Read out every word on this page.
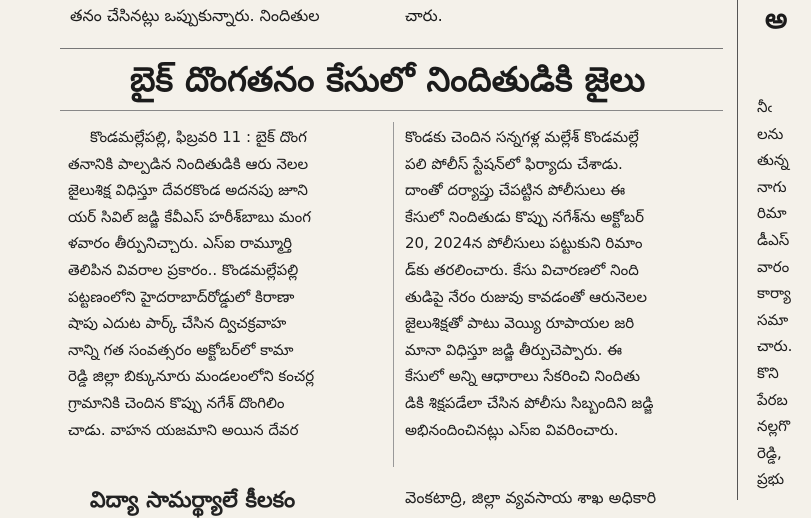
తనం చేసినట్లు ఒప్పుకున్నారు. నిందితుల	చారు.
బైక్ దొంగతనం కేసులో నిందితుడికి జైలు
కొండమల్లేపల్లి, ఫిబ్రవరి 11 : బైక్ దొంగ
తనానికి పాల్పడిన నిందితుడికి ఆరు నెలల
జైలుశిక్ష విధిస్తూ దేవరకొండ అదనపు జూని
యర్ సివిల్ జడ్జి కేవీఎస్ హరీశ్‌బాబు మంగ
ళవారం తీర్పునిచ్చారు. ఎస్‌ఐ రామ్మూర్తి
తెలిపిన వివరాల ప్రకారం.. కొండమల్లేపల్లి
పట్టణంలోని హైదరాబాద్‌రోడ్డులో కిరాణా
షాపు ఎదుట పార్క్ చేసిన ద్విచక్రవాహ
నాన్ని గత సంవత్సరం అక్టోబర్‌లో కామా
రెడ్డి జిల్లా బిక్కునూరు మండలంలోని కంచర్ల
గ్రామానికి చెందిన కొప్పు నగేశ్ దొంగిలిం
చాడు. వాహన యజమాని అయిన దేవర
కొండకు చెందిన సన్నగళ్ల మల్లేశ్ కొండమల్లే
పలి పోలీస్ స్టేషన్‌లో ఫిర్యాదు చేశాడు.
దాంతో దర్యాప్తు చేపట్టిన పోలీసులు ఈ
కేసులో నిందితుడు కొప్పు నగేశ్‌ను అక్టోబర్
20, 2024న పోలీసులు పట్టుకుని రిమాం
డ్‌కు తరలించారు. కేసు విచారణలో నింది
తుడిపై నేరం రుజువు కావడంతో ఆరునెలల
జైలుశిక్షతో పాటు వెయ్యి రూపాయల జరి
మానా విధిస్తూ జడ్జి తీర్పుచెప్పారు. ఈ
కేసులో అన్ని ఆధారాలు సేకరించి నిందితు
డికి శిక్షపడేలా చేసిన పోలీసు సిబ్బందిని జడ్జి
అభినందించినట్లు ఎస్‌ఐ వివరించారు.
అ
నీఁ
లను
తున్న
నాగు
రిమా
డీఎస్
వారం
కార్యా
సమా
చారు.
కొని
పేరబ
నల్లగొ
రెడ్డి,
ప్రభు
విద్యా సామర్థ్యాలే కీలకం	వెంకటాద్రి, జిల్లా వ్యవసాయ శాఖ అధికారి
